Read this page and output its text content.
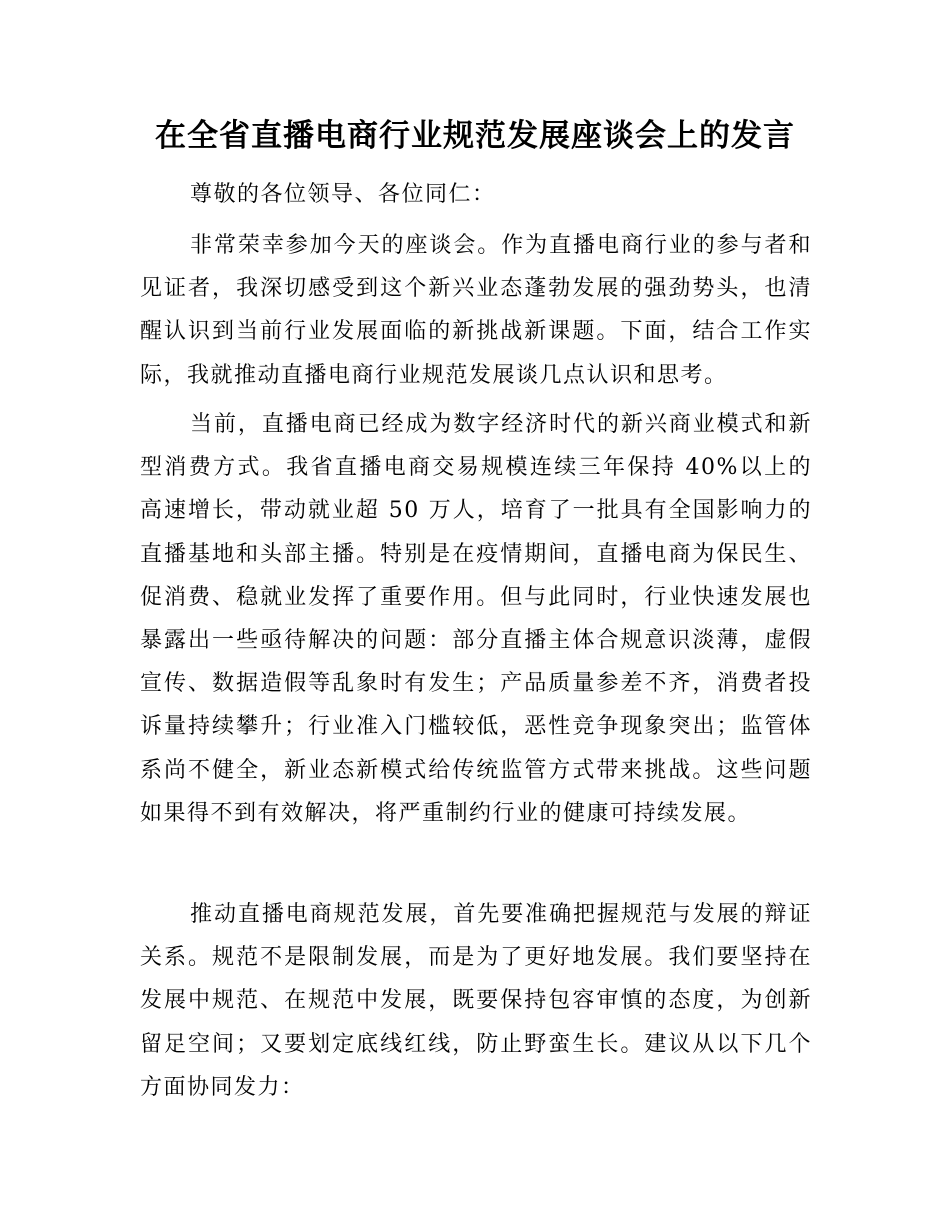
在全省直播电商行业规范发展座谈会上的发言

尊敬的各位领导、各位同仁：

非常荣幸参加今天的座谈会。作为直播电商行业的参与者和见证者，我深切感受到这个新兴业态蓬勃发展的强劲势头，也清醒认识到当前行业发展面临的新挑战新课题。下面，结合工作实际，我就推动直播电商行业规范发展谈几点认识和思考。

当前，直播电商已经成为数字经济时代的新兴商业模式和新型消费方式。我省直播电商交易规模连续三年保持 40%以上的高速增长，带动就业超 50 万人，培育了一批具有全国影响力的直播基地和头部主播。特别是在疫情期间，直播电商为保民生、促消费、稳就业发挥了重要作用。但与此同时，行业快速发展也暴露出一些亟待解决的问题：部分直播主体合规意识淡薄，虚假宣传、数据造假等乱象时有发生；产品质量参差不齐，消费者投诉量持续攀升；行业准入门槛较低，恶性竞争现象突出；监管体系尚不健全，新业态新模式给传统监管方式带来挑战。这些问题如果得不到有效解决，将严重制约行业的健康可持续发展。

推动直播电商规范发展，首先要准确把握规范与发展的辩证关系。规范不是限制发展，而是为了更好地发展。我们要坚持在发展中规范、在规范中发展，既要保持包容审慎的态度，为创新留足空间；又要划定底线红线，防止野蛮生长。建议从以下几个方面协同发力：
